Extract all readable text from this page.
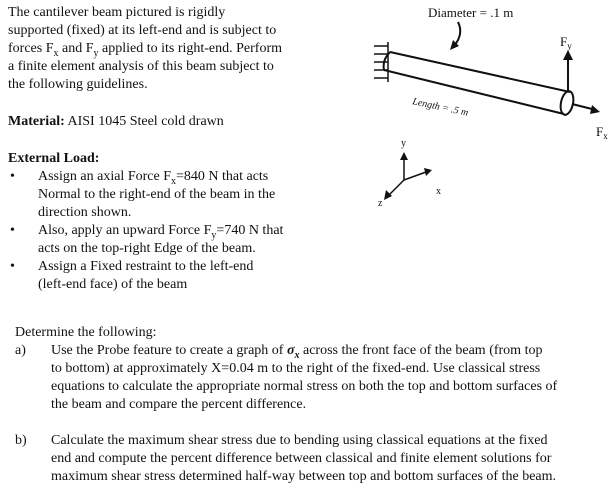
The cantilever beam pictured is rigidly
supported (fixed) at its left-end and is subject to
forces $F_x$ and $F_y$ applied to its right-end. Perform
a finite element analysis of this beam subject to
the following guidelines.
Material: AISI 1045 Steel cold drawn
External Load:
• Assign an axial Force $F_x=840$ N that acts
Normal to the right-end of the beam in the
direction shown.
• Also, apply an upward Force $F_y=740$ N that
acts on the top-right Edge of the beam.
• Assign a Fixed restraint to the left-end
(left-end face) of the beam
Diameter = .1 m
Length = .5 m
$F_y$
$F_x$
y
x
z
Determine the following:
a) Use the Probe feature to create a graph of $\sigma_x$ across the front face of the beam (from top
to bottom) at approximately X=0.04 m to the right of the fixed-end. Use classical stress
equations to calculate the appropriate normal stress on both the top and bottom surfaces of
the beam and compare the percent difference.
b) Calculate the maximum shear stress due to bending using classical equations at the fixed
end and compute the percent difference between classical and finite element solutions for
maximum shear stress determined half-way between top and bottom surfaces of the beam.
